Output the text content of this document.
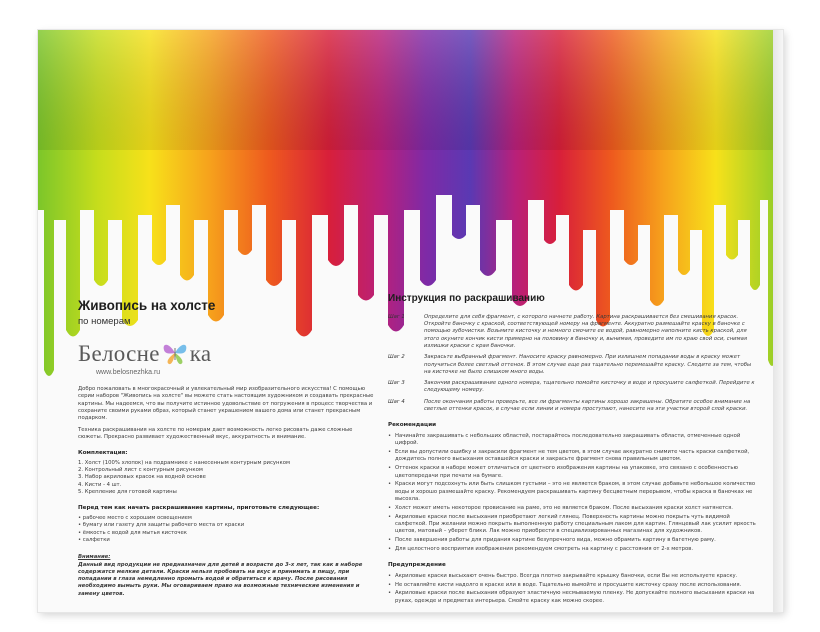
Живопись на холсте
по номерам
Белосне ка
www.belosnezhka.ru
Добро пожаловать в многокрасочный и увлекательный мир изобразительного искусства! С помощью серии наборов "Живопись на холсте" вы можете стать настоящим художником и создавать прекрасные картины. Мы надеемся, что вы получите истинное удовольствие от погружения в процесс творчества и сохраните своими руками образ, который станет украшением вашего дома или станет прекрасным подарком.
Техника раскрашивания на холсте по номерам дает возможность легко рисовать даже сложные сюжеты. Прекрасно развивает художественный вкус, аккуратность и внимание.
Комплектация:
1. Холст (100% хлопок) на подрамнике с нанесенным контурным рисунком
2. Контрольный лист с контурным рисунком
3. Набор акриловых красок на водной основе
4. Кисти - 4 шт.
5. Крепление для готовой картины
Перед тем как начать раскрашивание картины, приготовьте следующее:
• рабочее место с хорошим освещением
• бумагу или газету для защиты рабочего места от краски
• ёмкость с водой для мытья кисточек
• салфетки
Внимание:
Данный вид продукции не предназначен для детей в возрасте до 3-х лет, так как в наборе содержатся мелкие детали. Краски нельзя пробовать на вкус и принимать в пищу, при попадании в глаза немедленно промыть водой и обратиться к врачу. После рисования необходимо вымыть руки. Мы оговариваем право на возможные технические изменения и замену цветов.
Инструкция по раскрашиванию
Шаг 1	Определите для себя фрагмент, с которого начнете работу. Картина раскрашивается без смешивания красок. Откройте баночку с краской, соответствующей номеру на фрагменте. Аккуратно размешайте краску в баночке с помощью зубочистки. Возьмите кисточку и немного смочите ее водой, равномерно наполните кисть краской, для этого окуните кончик кисти примерно на половину в баночку и, вынимая, проведите им по краю свой оси, снимая излишки краски с края баночки.
Шаг 2	Закрасьте выбранный фрагмент. Наносите краску равномерно. При излишнем попадании воды в краску может получиться более светлый оттенок. В этом случае еще раз тщательно перемешайте краску. Следите за тем, чтобы на кисточке не было слишком много воды.
Шаг 3	Закончив раскрашивание одного номера, тщательно помойте кисточку в воде и просушите салфеткой. Перейдите к следующему номеру.
Шаг 4	После окончания работы проверьте, все ли фрагменты картины хорошо закрашены. Обратите особое внимание на светлые оттенки красок, в случае если линии и номера проступают, нанесите на эти участки второй слой краски.
Рекомендации
• Начинайте закрашивать с небольших областей, постарайтесь последовательно закрашивать области, отмеченные одной цифрой.
• Если вы допустили ошибку и закрасили фрагмент не тем цветом, в этом случае аккуратно снимите часть краски салфеткой, дождитесь полного высыхания оставшейся краски и закрасьте фрагмент снова правильным цветом.
• Оттенок краски в наборе может отличаться от цветного изображения картины на упаковке, это связано с особенностью цветопередачи при печати на бумаге.
• Краски могут подсохнуть или быть слишком густыми – это не является браком, в этом случае добавьте небольшое количество воды и хорошо размешайте краску. Рекомендуем раскрашивать картину бесцветным перерывом, чтобы краска в баночках не высохла.
• Холст может иметь некоторое провисание на раме, это не является браком. После высыхания краски холст натянется.
• Акриловые краски после высыхания приобретают легкий глянец. Поверхность картины можно покрыть чуть видимой салфеткой. При желании можно покрыть выполненную работу специальным лаком для картин. Глянцевый лак усилит яркость цветов, матовый – уберет блики. Лак можно приобрести в специализированных магазинах для художников.
• После завершения работы для придания картине безупречного вида, можно обрамить картину в багетную раму.
• Для целостного восприятия изображения рекомендуем смотреть на картину с расстояния от 2-х метров.
Предупреждение
• Акриловые краски высыхают очень быстро. Всегда плотно закрывайте крышку баночки, если Вы не используете краску.
• Не оставляйте кисти надолго в краске или в воде. Тщательно вымойте и просушите кисточку сразу после использования.
• Акриловые краски после высыхания образуют эластичную несмываемую пленку. Не допускайте полного высыхания краски на руках, одежде и предметах интерьера. Смойте краску как можно скорее.
